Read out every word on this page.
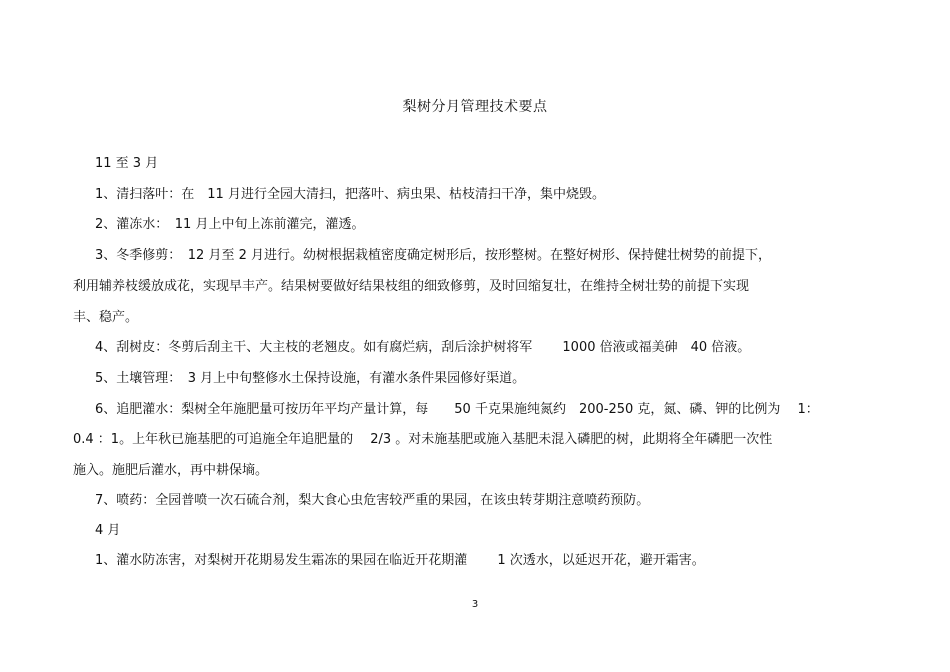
梨树分月管理技术要点
11 至 3 月
1、清扫落叶：在　11 月进行全园大清扫，把落叶、病虫果、枯枝清扫干净，集中烧毁。
2、灌冻水：　11 月上中旬上冻前灌完，灌透。
3、冬季修剪：　12 月至 2 月进行。幼树根据栽植密度确定树形后，按形整树。在整好树形、保持健壮树势的前提下，
利用辅养枝缓放成花，实现早丰产。结果树要做好结果枝组的细致修剪，及时回缩复壮，在维持全树壮势的前提下实现
丰、稳产。
4、刮树皮：冬剪后刮主干、大主枝的老翘皮。如有腐烂病，刮后涂护树将军　　 1000 倍液或福美砷　40 倍液。
5、土壤管理：　3 月上中旬整修水土保持设施，有灌水条件果园修好渠道。
6、追肥灌水：梨树全年施肥量可按历年平均产量计算，每　　50 千克果施纯氮约　200-250 克，氮、磷、钾的比例为　 1：
0.4 ：1。上年秋已施基肥的可追施全年追肥量的　 2/3 。对未施基肥或施入基肥未混入磷肥的树，此期将全年磷肥一次性
施入。施肥后灌水，再中耕保墒。
7、喷药：全园普喷一次石硫合剂，梨大食心虫危害较严重的果园，在该虫转芽期注意喷药预防。
4 月
1、灌水防冻害，对梨树开花期易发生霜冻的果园在临近开花期灌　　 1 次透水，以延迟开花，避开霜害。
3
